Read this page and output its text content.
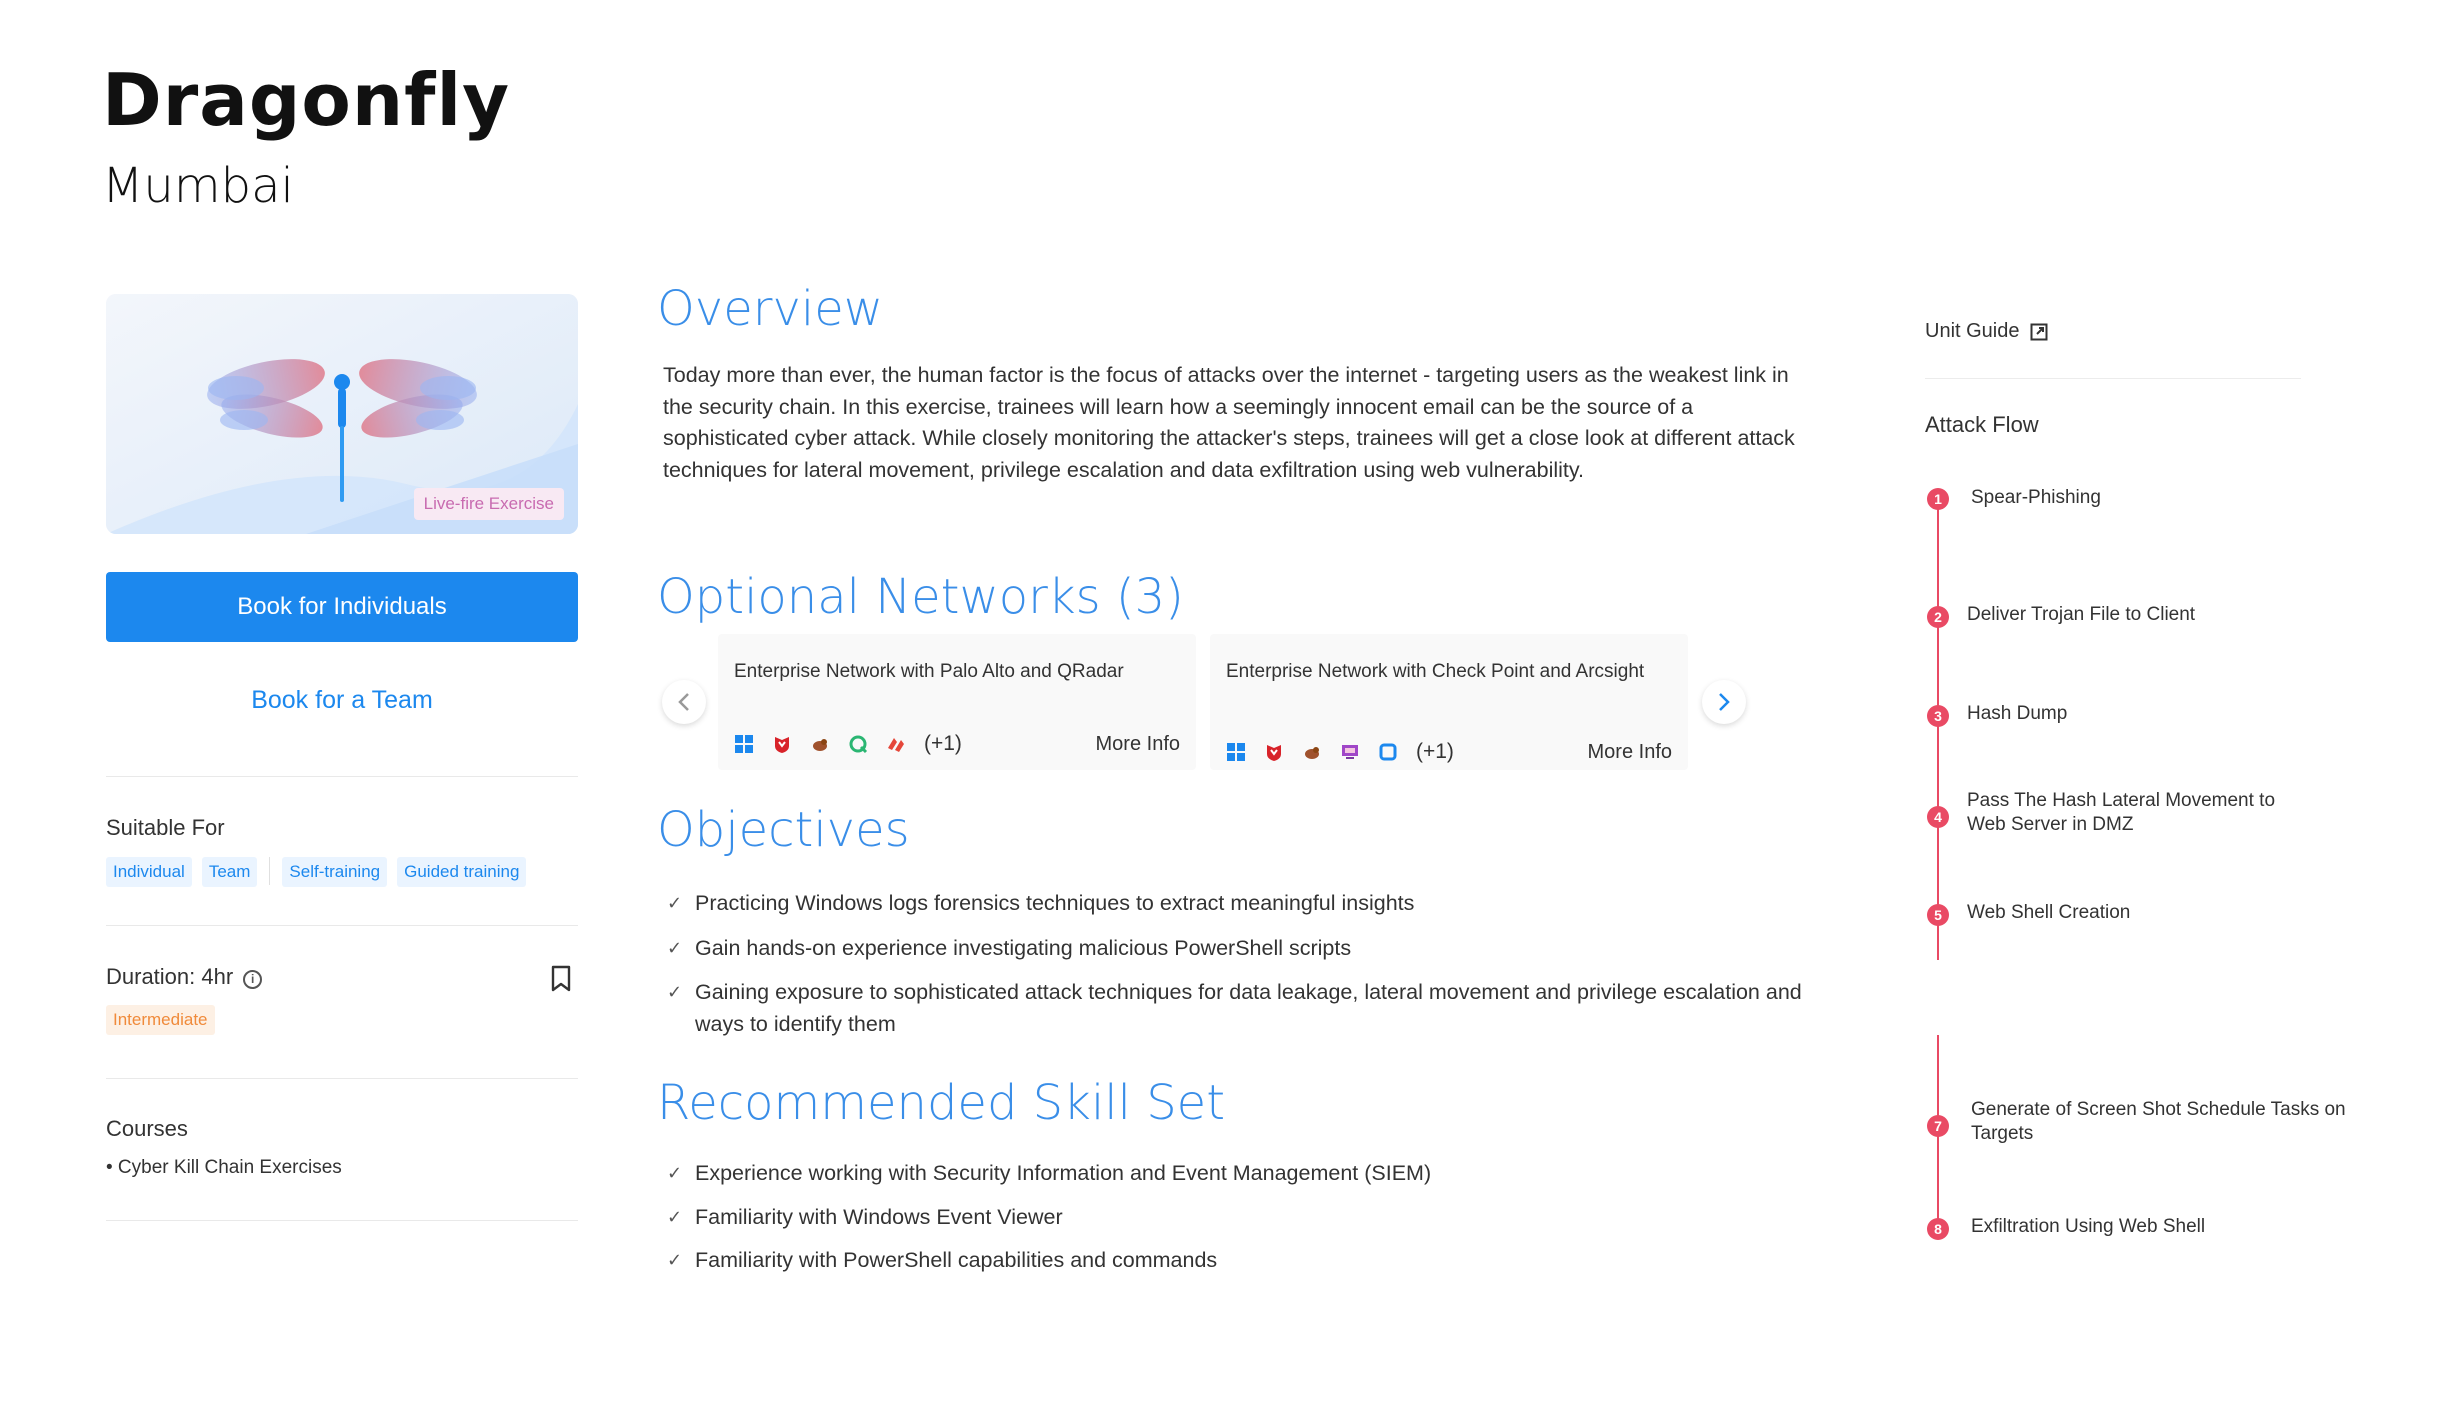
Dragonfly
Mumbai
Live-fire Exercise
Book for Individuals
Book for a Team
Suitable For
Individual	Team	Self-training	Guided training
Duration: 4hr i
Intermediate
Courses
• Cyber Kill Chain Exercises
Overview
Today more than ever, the human factor is the focus of attacks over the internet - targeting users as the weakest link in the security chain. In this exercise, trainees will learn how a seemingly innocent email can be the source of a sophisticated cyber attack. While closely monitoring the attacker's steps, trainees will get a close look at different attack techniques for lateral movement, privilege escalation and data exfiltration using web vulnerability.
Optional Networks (3)
Enterprise Network with Palo Alto and QRadar
(+1)	More Info
Enterprise Network with Check Point and Arcsight
(+1)	More Info
Objectives
✓ Practicing Windows logs forensics techniques to extract meaningful insights
✓ Gain hands-on experience investigating malicious PowerShell scripts
✓ Gaining exposure to sophisticated attack techniques for data leakage, lateral movement and privilege escalation and ways to identify them
Recommended Skill Set
✓ Experience working with Security Information and Event Management (SIEM)
✓ Familiarity with Windows Event Viewer
✓ Familiarity with PowerShell capabilities and commands
Unit Guide
Attack Flow
1	Spear-Phishing
2	Deliver Trojan File to Client
3	Hash Dump
4
Pass The Hash Lateral Movement to Web Server in DMZ
5	Web Shell Creation
7
Generate of Screen Shot Schedule Tasks on Targets
8	Exfiltration Using Web Shell
